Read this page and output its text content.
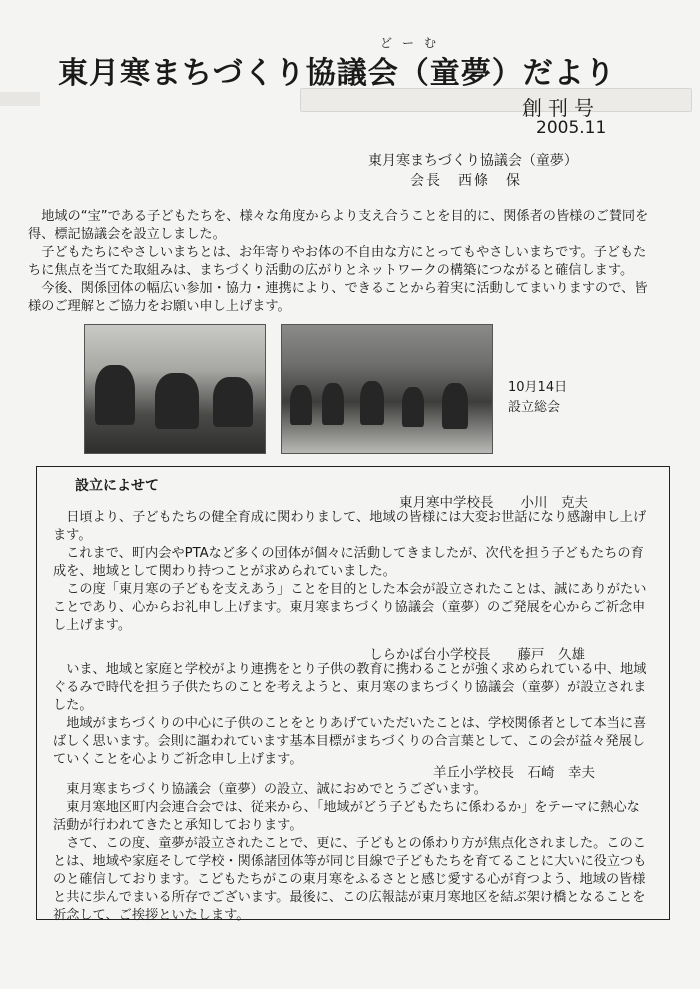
どーむ
東月寒まちづくり協議会（童夢）だより
創刊号
2005.11
東月寒まちづくり協議会（童夢）
会長　西條　保

地域の“宝”である子どもたちを、様々な角度からより支え合うことを目的に、関係者の皆様のご賛同を得、標記協議会を設立しました。

子どもたちにやさしいまちとは、お年寄りやお体の不自由な方にとってもやさしいまちです。子どもたちに焦点を当てた取組みは、まちづくり活動の広がりとネットワークの構築につながると確信します。

今後、関係団体の幅広い参加・協力・連携により、できることから着実に活動してまいりますので、皆様のご理解とご協力をお願い申し上げます。

10月14日
設立総会
設立によせて
東月寒中学校長　　小川　克夫

日頃より、子どもたちの健全育成に関わりまして、地域の皆様には大変お世話になり感謝申し上げます。

これまで、町内会やPTAなど多くの団体が個々に活動してきましたが、次代を担う子どもたちの育成を、地域として関わり持つことが求められていました。

この度「東月寒の子どもを支えあう」ことを目的とした本会が設立されたことは、誠にありがたいことであり、心からお礼申し上げます。東月寒まちづくり協議会（童夢）のご発展を心からご祈念申し上げます。

しらかば台小学校長　　藤戸　久雄

いま、地域と家庭と学校がより連携をとり子供の教育に携わることが強く求められている中、地域ぐるみで時代を担う子供たちのことを考えようと、東月寒のまちづくり協議会（童夢）が設立されました。

地域がまちづくりの中心に子供のことをとりあげていただいたことは、学校関係者として本当に喜ばしく思います。会則に謳われています基本目標がまちづくりの合言葉として、この会が益々発展していくことを心よりご祈念申し上げます。

羊丘小学校長　石崎　幸夫

東月寒まちづくり協議会（童夢）の設立、誠におめでとうございます。

東月寒地区町内会連合会では、従来から、「地域がどう子どもたちに係わるか」をテーマに熱心な活動が行われてきたと承知しております。

さて、この度、童夢が設立されたことで、更に、子どもとの係わり方が焦点化されました。このことは、地域や家庭そして学校・関係諸団体等が同じ目線で子どもたちを育てることに大いに役立つものと確信しております。こどもたちがこの東月寒をふるさとと感じ愛する心が育つよう、地域の皆様と共に歩んでまいる所存でございます。最後に、この広報誌が東月寒地区を結ぶ架け橋となることを祈念して、ご挨拶といたします。
